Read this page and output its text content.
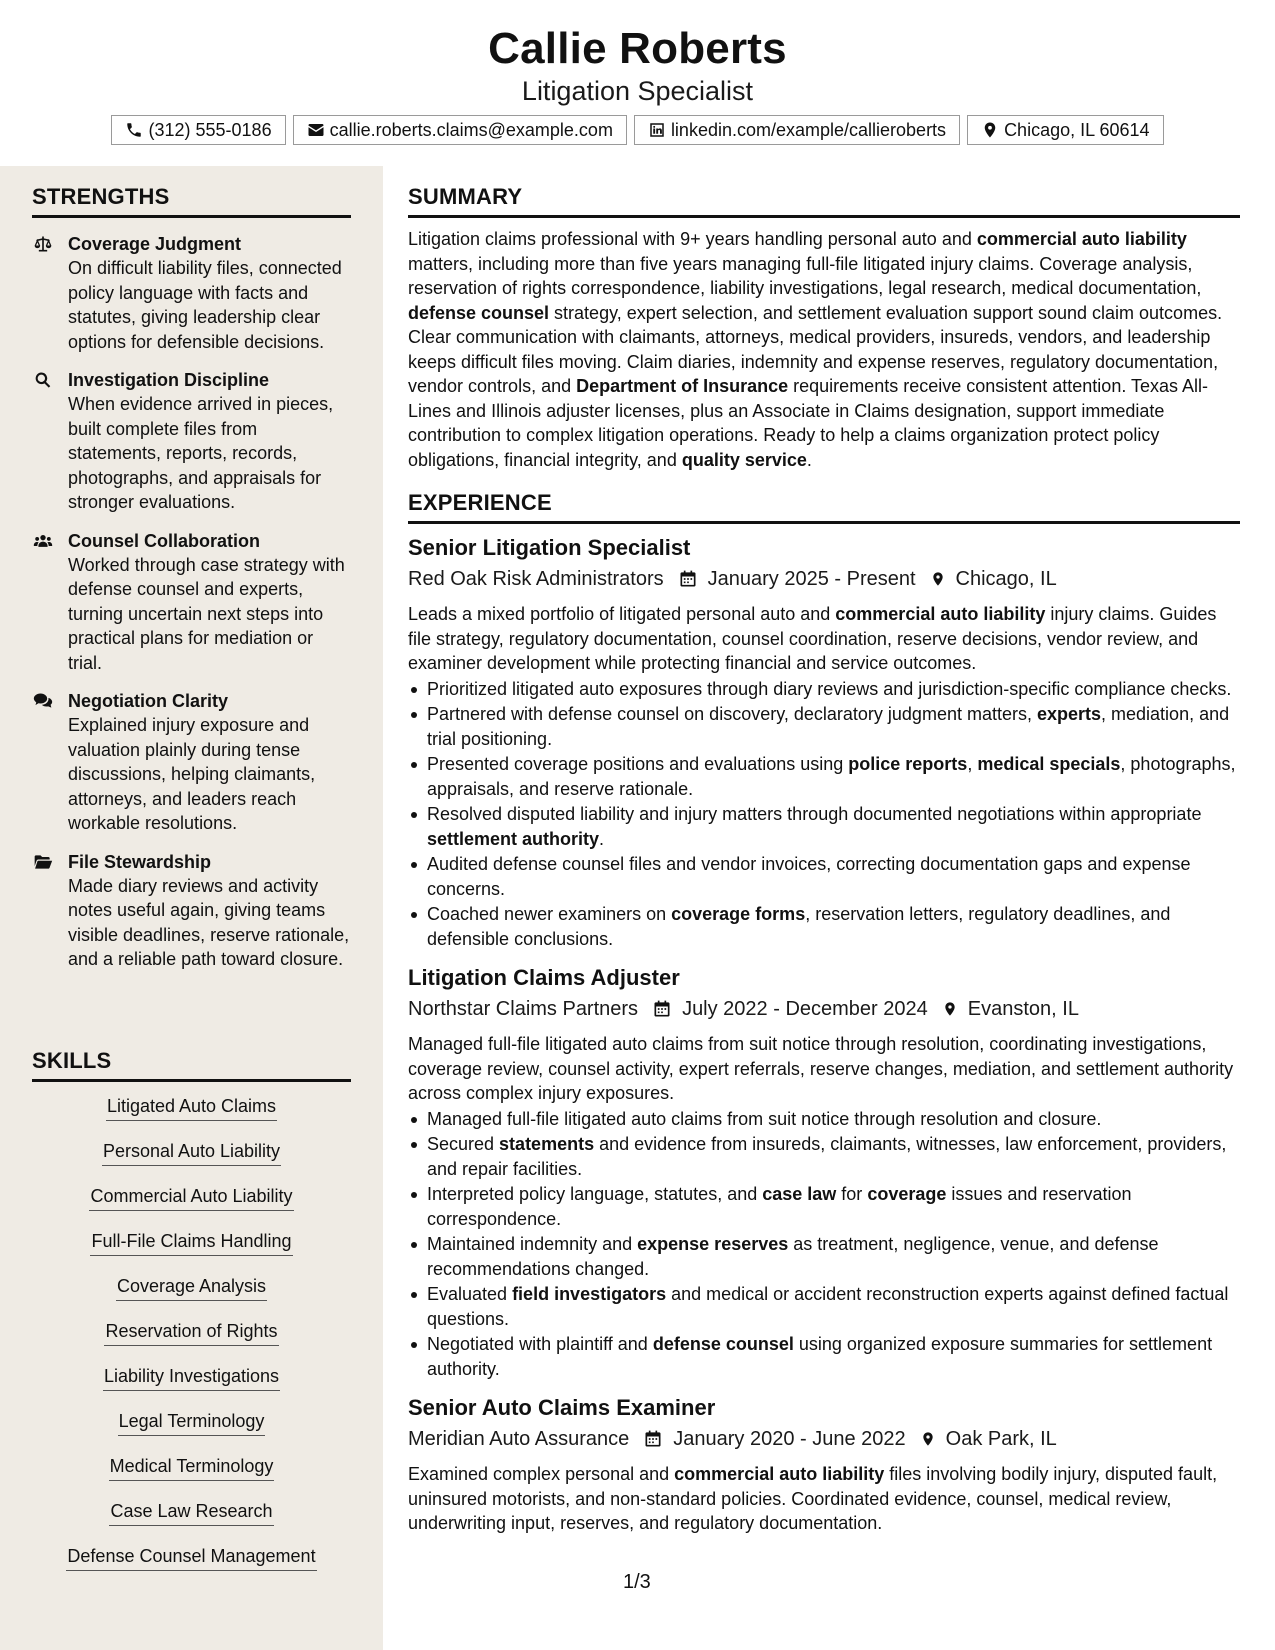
Callie Roberts
Litigation Specialist
(312) 555-0186	callie.roberts.claims@example.com	linkedin.com/example/callieroberts	Chicago, IL 60614
STRENGTHS
Coverage Judgment
On difficult liability files, connected policy language with facts and statutes, giving leadership clear options for defensible decisions.
Investigation Discipline
When evidence arrived in pieces, built complete files from statements, reports, records, photographs, and appraisals for stronger evaluations.
Counsel Collaboration
Worked through case strategy with defense counsel and experts, turning uncertain next steps into practical plans for mediation or trial.
Negotiation Clarity
Explained injury exposure and valuation plainly during tense discussions, helping claimants, attorneys, and leaders reach workable resolutions.
File Stewardship
Made diary reviews and activity notes useful again, giving teams visible deadlines, reserve rationale, and a reliable path toward closure.
SKILLS
Litigated Auto Claims
Personal Auto Liability
Commercial Auto Liability
Full-File Claims Handling
Coverage Analysis
Reservation of Rights
Liability Investigations
Legal Terminology
Medical Terminology
Case Law Research
Defense Counsel Management
SUMMARY
Litigation claims professional with 9+ years handling personal auto and commercial auto liability matters, including more than five years managing full-file litigated injury claims. Coverage analysis, reservation of rights correspondence, liability investigations, legal research, medical documentation, defense counsel strategy, expert selection, and settlement evaluation support sound claim outcomes. Clear communication with claimants, attorneys, medical providers, insureds, vendors, and leadership keeps difficult files moving. Claim diaries, indemnity and expense reserves, regulatory documentation, vendor controls, and Department of Insurance requirements receive consistent attention. Texas All-Lines and Illinois adjuster licenses, plus an Associate in Claims designation, support immediate contribution to complex litigation operations. Ready to help a claims organization protect policy obligations, financial integrity, and quality service.
EXPERIENCE
Senior Litigation Specialist
Red Oak Risk Administrators January 2025 - Present Chicago, IL
Leads a mixed portfolio of litigated personal auto and commercial auto liability injury claims. Guides file strategy, regulatory documentation, counsel coordination, reserve decisions, vendor review, and examiner development while protecting financial and service outcomes.
Prioritized litigated auto exposures through diary reviews and jurisdiction-specific compliance checks.
Partnered with defense counsel on discovery, declaratory judgment matters, experts, mediation, and trial positioning.
Presented coverage positions and evaluations using police reports, medical specials, photographs, appraisals, and reserve rationale.
Resolved disputed liability and injury matters through documented negotiations within appropriate settlement authority.
Audited defense counsel files and vendor invoices, correcting documentation gaps and expense concerns.
Coached newer examiners on coverage forms, reservation letters, regulatory deadlines, and defensible conclusions.
Litigation Claims Adjuster
Northstar Claims Partners July 2022 - December 2024 Evanston, IL
Managed full-file litigated auto claims from suit notice through resolution, coordinating investigations, coverage review, counsel activity, expert referrals, reserve changes, mediation, and settlement authority across complex injury exposures.
Managed full-file litigated auto claims from suit notice through resolution and closure.
Secured statements and evidence from insureds, claimants, witnesses, law enforcement, providers, and repair facilities.
Interpreted policy language, statutes, and case law for coverage issues and reservation correspondence.
Maintained indemnity and expense reserves as treatment, negligence, venue, and defense recommendations changed.
Evaluated field investigators and medical or accident reconstruction experts against defined factual questions.
Negotiated with plaintiff and defense counsel using organized exposure summaries for settlement authority.
Senior Auto Claims Examiner
Meridian Auto Assurance January 2020 - June 2022 Oak Park, IL
Examined complex personal and commercial auto liability files involving bodily injury, disputed fault, uninsured motorists, and non-standard policies. Coordinated evidence, counsel, medical review, underwriting input, reserves, and regulatory documentation.
1/3
